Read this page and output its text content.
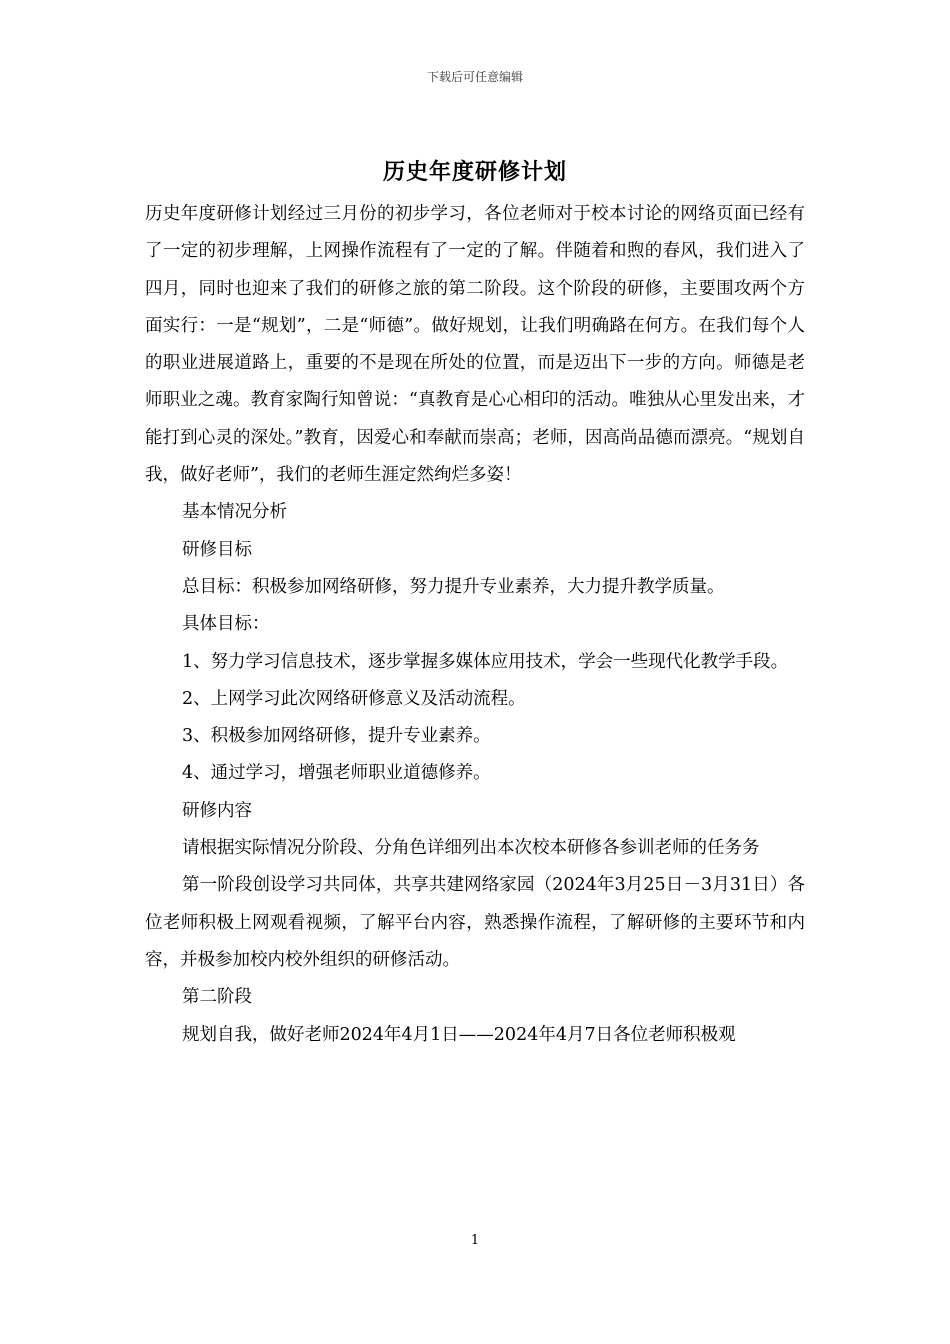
下载后可任意编辑
历史年度研修计划

历史年度研修计划经过三月份的初步学习，各位老师对于校本讨论的网络页面已经有了一定的初步理解，上网操作流程有了一定的了解。伴随着和煦的春风，我们进入了四月，同时也迎来了我们的研修之旅的第二阶段。这个阶段的研修，主要围攻两个方面实行：一是“规划”，二是“师德”。做好规划，让我们明确路在何方。在我们每个人的职业进展道路上，重要的不是现在所处的位置，而是迈出下一步的方向。师德是老师职业之魂。教育家陶行知曾说：“真教育是心心相印的活动。唯独从心里发出来，才能打到心灵的深处。”教育，因爱心和奉献而崇高；老师，因高尚品德而漂亮。“规划自我，做好老师”，我们的老师生涯定然绚烂多姿！

基本情况分析

研修目标

总目标：积极参加网络研修，努力提升专业素养，大力提升教学质量。

具体目标：

1、努力学习信息技术，逐步掌握多媒体应用技术，学会一些现代化教学手段。

2、上网学习此次网络研修意义及活动流程。

3、积极参加网络研修，提升专业素养。

4、通过学习，增强老师职业道德修养。

研修内容

请根据实际情况分阶段、分角色详细列出本次校本研修各参训老师的任务务

第一阶段创设学习共同体，共享共建网络家园（2024年3月25日－3月31日）各位老师积极上网观看视频，了解平台内容，熟悉操作流程，了解研修的主要环节和内容，并极参加校内校外组织的研修活动。

第二阶段

规划自我，做好老师2024年4月1日——2024年4月7日各位老师积极观

1
